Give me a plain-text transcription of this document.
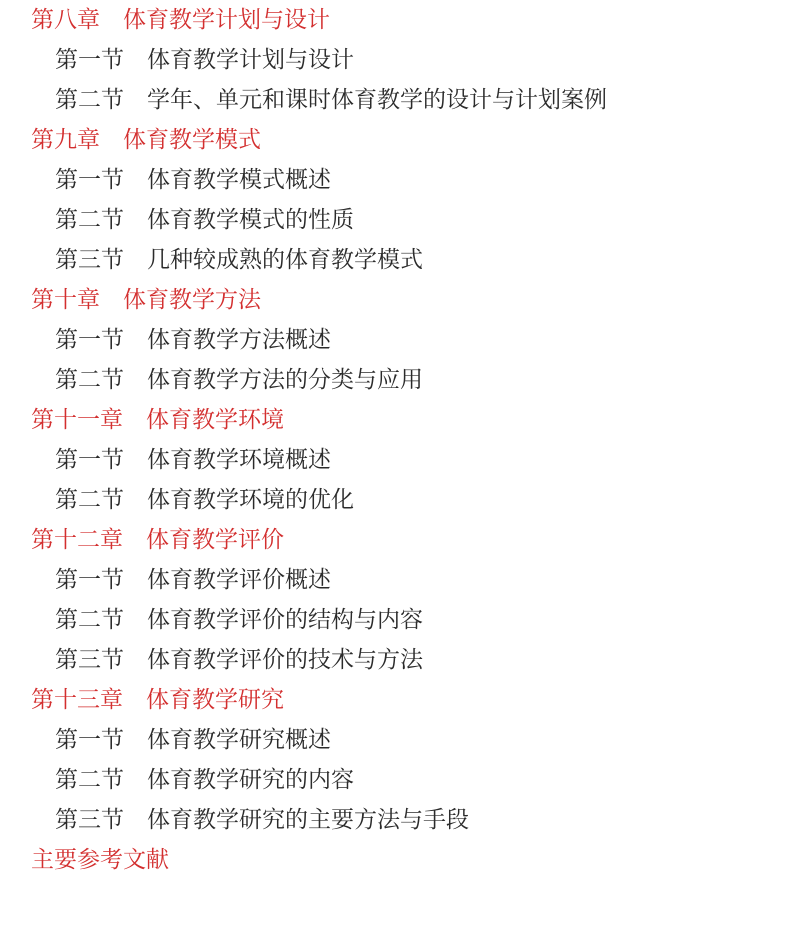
第八章　体育教学计划与设计
第一节　体育教学计划与设计
第二节　学年、单元和课时体育教学的设计与计划案例
第九章　体育教学模式
第一节　体育教学模式概述
第二节　体育教学模式的性质
第三节　几种较成熟的体育教学模式
第十章　体育教学方法
第一节　体育教学方法概述
第二节　体育教学方法的分类与应用
第十一章　体育教学环境
第一节　体育教学环境概述
第二节　体育教学环境的优化
第十二章　体育教学评价
第一节　体育教学评价概述
第二节　体育教学评价的结构与内容
第三节　体育教学评价的技术与方法
第十三章　体育教学研究
第一节　体育教学研究概述
第二节　体育教学研究的内容
第三节　体育教学研究的主要方法与手段
主要参考文献
